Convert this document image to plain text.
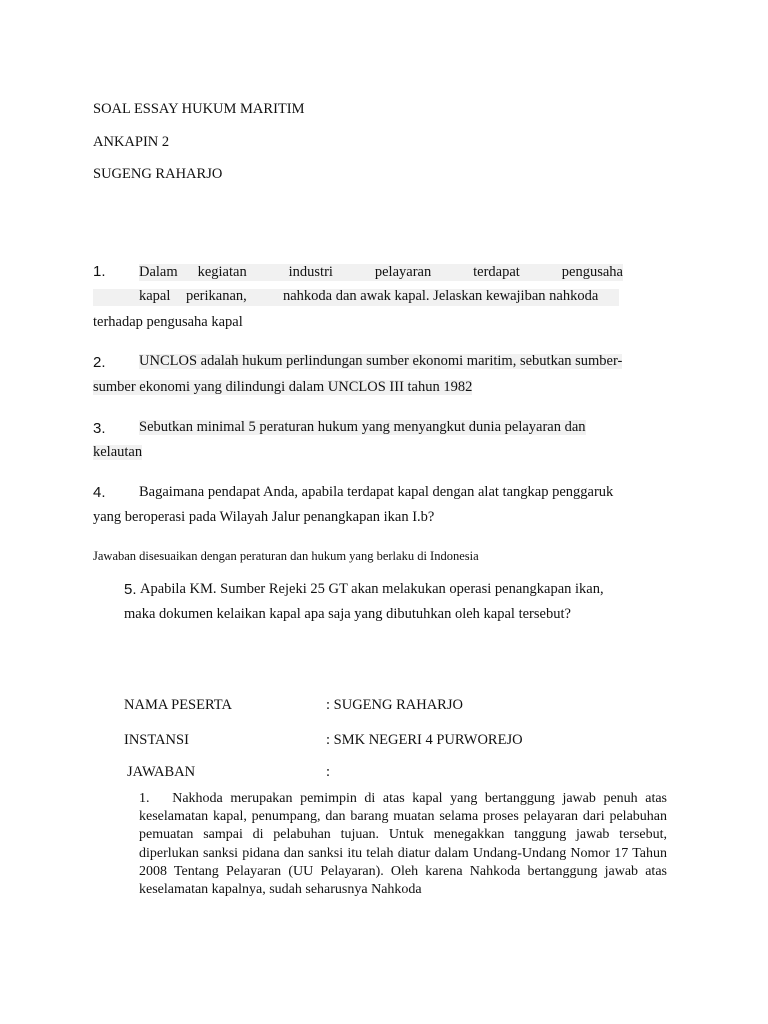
SOAL ESSAY HUKUM MARITIM
ANKAPIN 2
SUGENG RAHARJO
1. Dalam kegiatan	industri	pelayaran	terdapat	pengusaha
kapal perikanan, nahkoda dan awak kapal. Jelaskan kewajiban nahkoda
terhadap pengusaha kapal
2. UNCLOS adalah hukum perlindungan sumber ekonomi maritim, sebutkan sumber-
sumber ekonomi yang dilindungi dalam UNCLOS III tahun 1982
3. Sebutkan minimal 5 peraturan hukum yang menyangkut dunia pelayaran dan
kelautan
4. Bagaimana pendapat Anda, apabila terdapat kapal dengan alat tangkap penggaruk
yang beroperasi pada Wilayah Jalur penangkapan ikan I.b?
Jawaban disesuaikan dengan peraturan dan hukum yang berlaku di Indonesia
5. Apabila KM. Sumber Rejeki 25 GT akan melakukan operasi penangkapan ikan,
maka dokumen kelaikan kapal apa saja yang dibutuhkan oleh kapal tersebut?
NAMA PESERTA	: SUGENG RAHARJO
INSTANSI	: SMK NEGERI 4 PURWOREJO
JAWABAN	:
1. Nakhoda merupakan pemimpin di atas kapal yang bertanggung jawab penuh atas keselamatan kapal, penumpang, dan barang muatan selama proses pelayaran dari pelabuhan pemuatan sampai di pelabuhan tujuan. Untuk menegakkan tanggung jawab tersebut, diperlukan sanksi pidana dan sanksi itu telah diatur dalam Undang-Undang Nomor 17 Tahun 2008 Tentang Pelayaran (UU Pelayaran). Oleh karena Nahkoda bertanggung jawab atas keselamatan kapalnya, sudah seharusnya Nahkoda
